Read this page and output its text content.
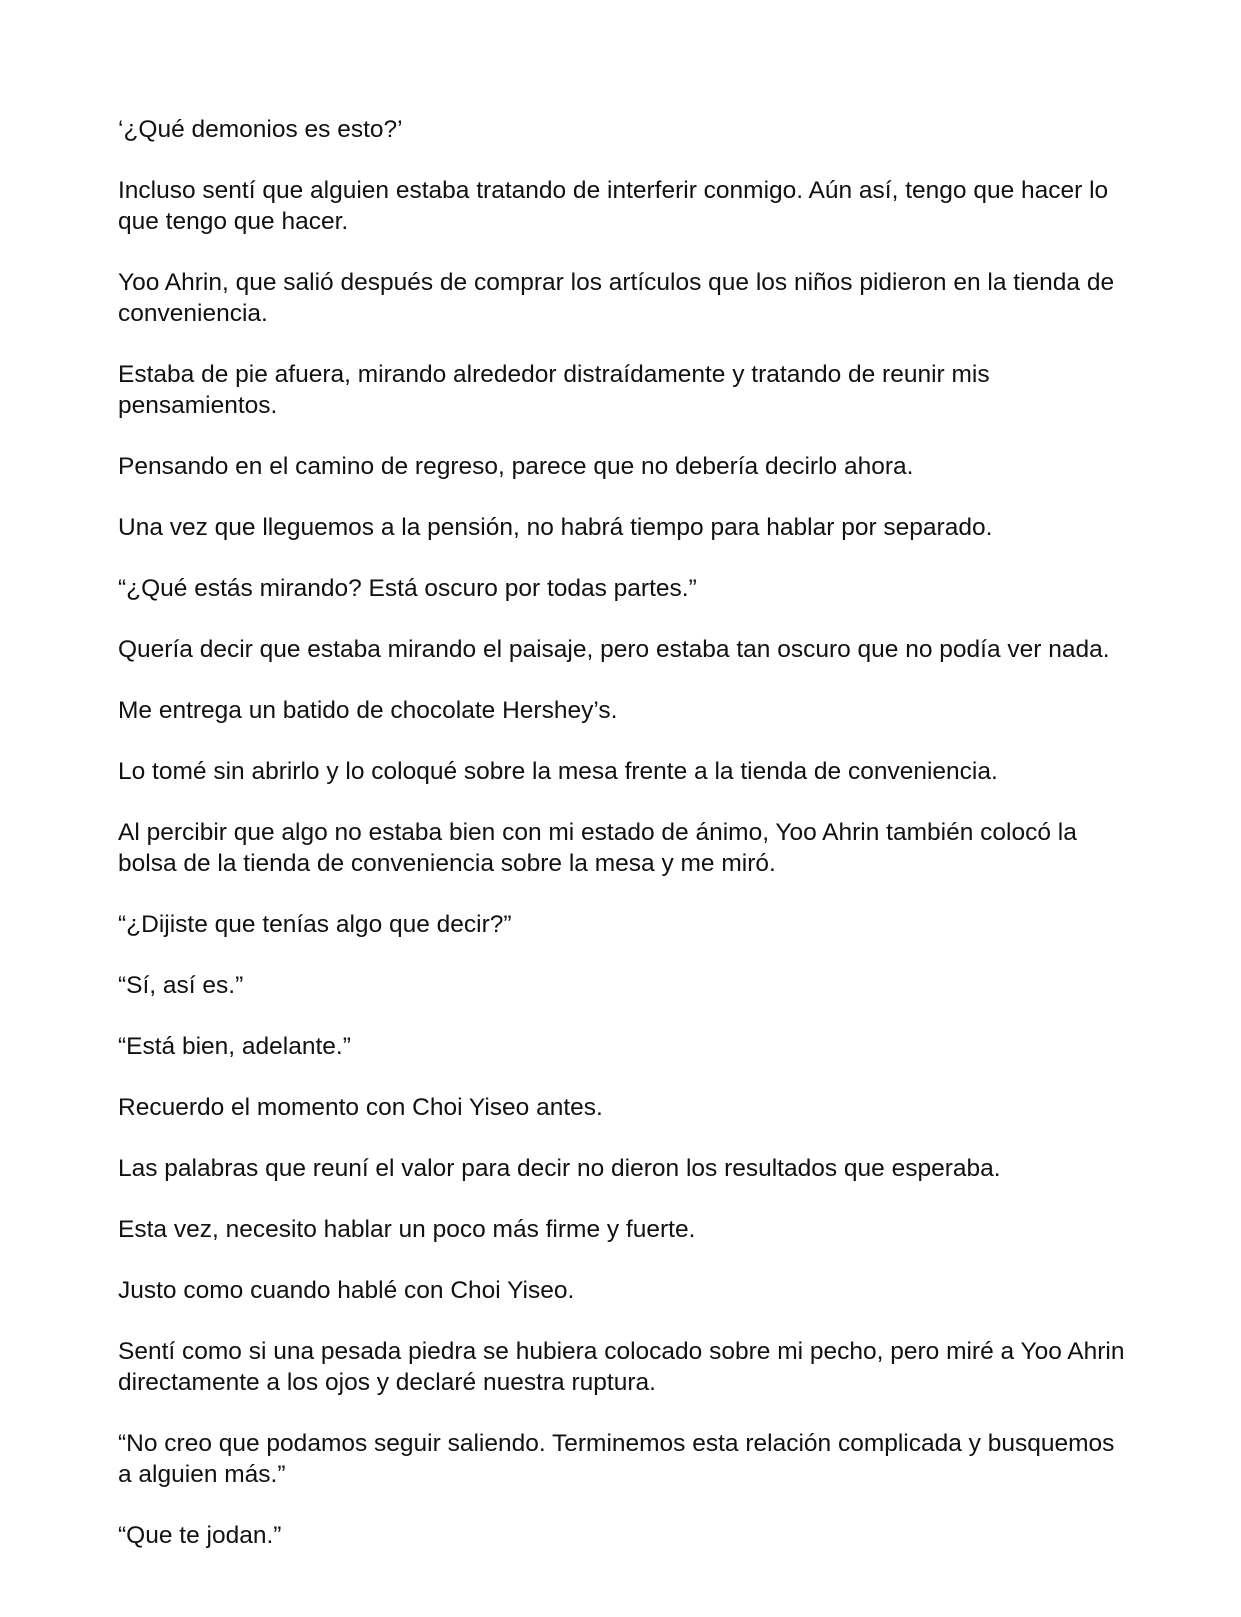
‘¿Qué demonios es esto?’

Incluso sentí que alguien estaba tratando de interferir conmigo. Aún así, tengo que hacer lo que tengo que hacer.

Yoo Ahrin, que salió después de comprar los artículos que los niños pidieron en la tienda de conveniencia.

Estaba de pie afuera, mirando alrededor distraídamente y tratando de reunir mis pensamientos.

Pensando en el camino de regreso, parece que no debería decirlo ahora.

Una vez que lleguemos a la pensión, no habrá tiempo para hablar por separado.

“¿Qué estás mirando? Está oscuro por todas partes.”

Quería decir que estaba mirando el paisaje, pero estaba tan oscuro que no podía ver nada.

Me entrega un batido de chocolate Hershey’s.

Lo tomé sin abrirlo y lo coloqué sobre la mesa frente a la tienda de conveniencia.

Al percibir que algo no estaba bien con mi estado de ánimo, Yoo Ahrin también colocó la bolsa de la tienda de conveniencia sobre la mesa y me miró.

“¿Dijiste que tenías algo que decir?”

“Sí, así es.”

“Está bien, adelante.”

Recuerdo el momento con Choi Yiseo antes.

Las palabras que reuní el valor para decir no dieron los resultados que esperaba.

Esta vez, necesito hablar un poco más firme y fuerte.

Justo como cuando hablé con Choi Yiseo.

Sentí como si una pesada piedra se hubiera colocado sobre mi pecho, pero miré a Yoo Ahrin directamente a los ojos y declaré nuestra ruptura.

“No creo que podamos seguir saliendo. Terminemos esta relación complicada y busquemos a alguien más.”

“Que te jodan.”
